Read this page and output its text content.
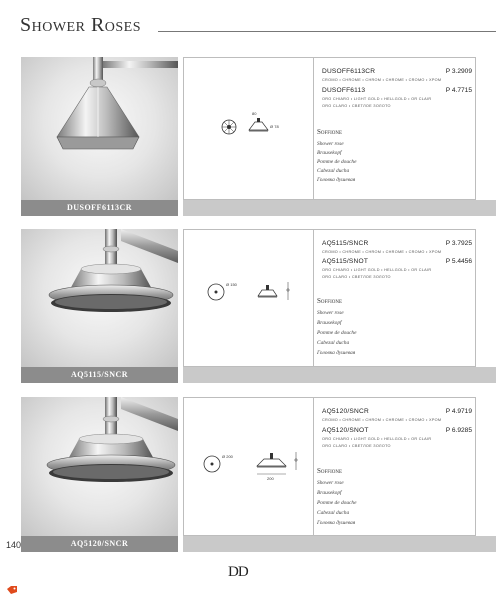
Shower Roses
DUSOFF6113CR
80
Ø 78
DUSOFF6113CR	P 3.2909
CROMO • CHROME • CHROM • CHROME • CROMO • ХРОМ
DUSOFF6113	P 4.7715
ORO CHIARO • LIGHT GOLD • HELLGOLD • OR CLAIR
ORO CLARO • СВЕТЛОЕ ЗОЛОТО
Soffione
Shower rose
Brausekopf
Pomme de douche
Cabezal ducha
Головка душевая
AQ5115/SNCR
Ø 150
AQ5115/SNCR	P 3.7925
CROMO • CHROME • CHROM • CHROME • CROMO • ХРОМ
AQ5115/SNOT	P 5.4456
ORO CHIARO • LIGHT GOLD • HELLGOLD • OR CLAIR
ORO CLARO • СВЕТЛОЕ ЗОЛОТО
Soffione
Shower rose
Brausekopf
Pomme de douche
Cabezal ducha
Головка душевая
AQ5120/SNCR
Ø 200
200
AQ5120/SNCR	P 4.9719
CROMO • CHROME • CHROM • CHROME • CROMO • ХРОМ
AQ5120/SNOT	P 6.9285
ORO CHIARO • LIGHT GOLD • HELLGOLD • OR CLAIR
ORO CLARO • СВЕТЛОЕ ЗОЛОТО
Soffione
Shower rose
Brausekopf
Pomme de douche
Cabezal ducha
Головка душевая
140
DD
